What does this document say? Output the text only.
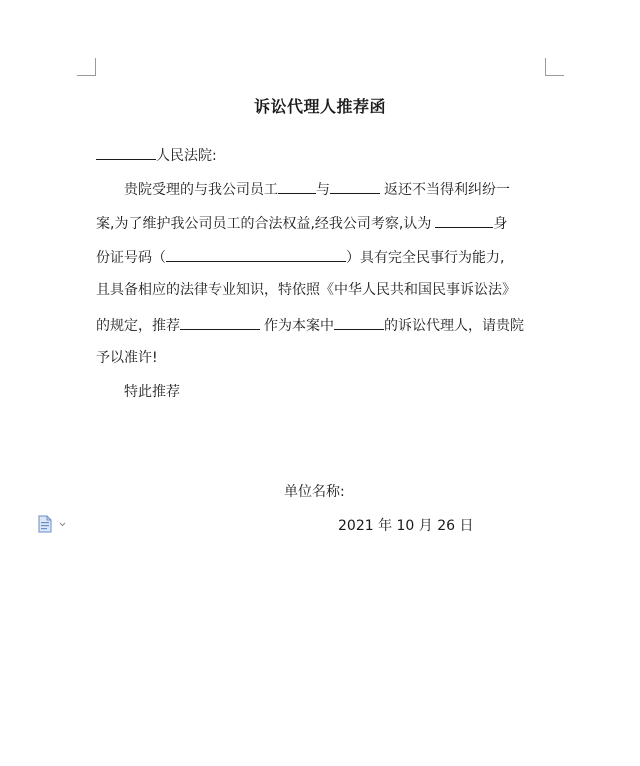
诉讼代理人推荐函
人民法院:
贵院受理的与我公司员工	与	返还不当得利纠纷一
案,为了维护我公司员工的合法权益,经我公司考察,认为	身
份证号码（	）具有完全民事行为能力,
且具备相应的法律专业知识，特依照《中华人民共和国民事诉讼法》
的规定，推荐	作为本案中	的诉讼代理人，请贵院
予以准许!
特此推荐
单位名称:
2021 年 10 月 26 日
